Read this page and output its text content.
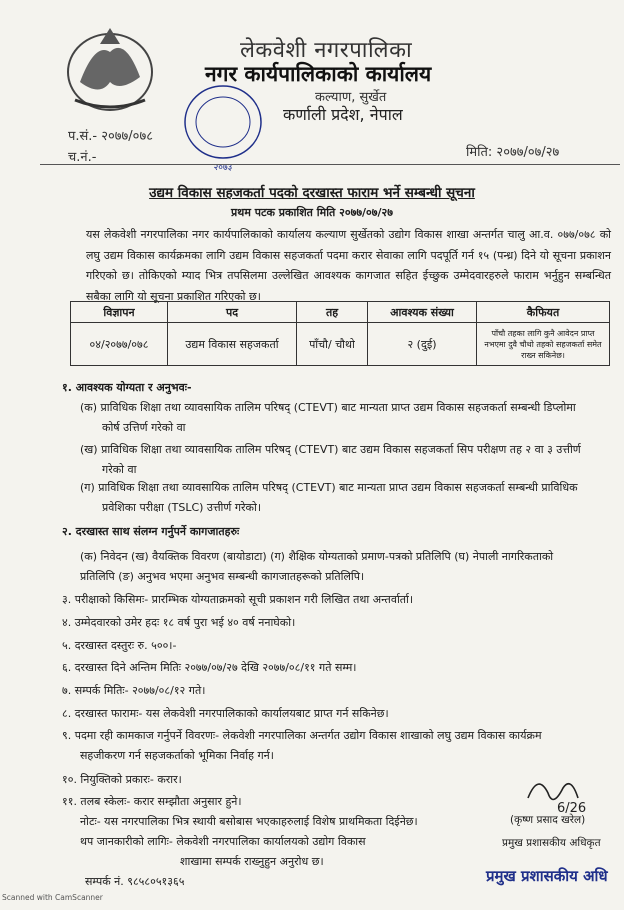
लेकवेशी नगरपालिका
नगर कार्यपालिकाको कार्यालय
कल्याण, सुर्खेत
कर्णाली प्रदेश, नेपाल
२०७३
प.सं.- २०७७/०७८
च.नं.-	मिति: २०७७/०७/२७
उद्यम विकास सहजकर्ता पदको दरखास्त फाराम भर्ने सम्बन्धी सूचना
प्रथम पटक प्रकाशित मिति २०७७/०७/२७
यस लेकवेशी नगरपालिका नगर कार्यपालिकाको कार्यालय कल्याण सुर्खेतको उद्योग विकास शाखा अन्तर्गत चालु आ.व. ०७७/०७८ को लघु उद्यम विकास कार्यक्रमका लागि उद्यम विकास सहजकर्ता पदमा करार सेवाका लागि पदपूर्ति गर्न १५ (पन्ध्र) दिने यो सूचना प्रकाशन गरिएको छ। तोकिएको म्याद भित्र तपसिलमा उल्लेखित आवश्यक कागजात सहित ईच्छुक उम्मेदवारहरुले फाराम भर्नुहुन सम्बन्धित सबैका लागि यो सूचना प्रकाशित गरिएको छ।
विज्ञापन	पद	तह	आवश्यक संख्या	कैफियत
०४/२०७७/०७८	उद्यम विकास सहजकर्ता	पाँचौ/ चौथो	२ (दुई)	पाँचौ तहका लागि कुनै आवेदन प्राप्त नभएमा दुवै चौथो तहको सहजकर्ता समेत राख्न सकिनेछ।
१. आवश्यक योग्यता र अनुभवः-
(क) प्राविधिक शिक्षा तथा व्यावसायिक तालिम परिषद् (CTEVT) बाट मान्यता प्राप्त उद्यम विकास सहजकर्ता सम्बन्धी डिप्लोमा
कोर्ष उत्तिर्ण गरेको वा
(ख) प्राविधिक शिक्षा तथा व्यावसायिक तालिम परिषद् (CTEVT) बाट उद्यम विकास सहजकर्ता सिप परीक्षण तह २ वा ३ उत्तीर्ण
गरेको वा
(ग) प्राविधिक शिक्षा तथा व्यावसायिक तालिम परिषद् (CTEVT) बाट मान्यता प्राप्त उद्यम विकास सहजकर्ता सम्बन्धी प्राविधिक
प्रवेशिका परीक्षा (TSLC) उत्तीर्ण गरेको।
२. दरखास्त साथ संलग्न गर्नुपर्ने कागजातहरुः
(क) निवेदन (ख) वैयक्तिक विवरण (बायोडाटा) (ग) शैक्षिक योग्यताको प्रमाण-पत्रको प्रतिलिपि (घ) नेपाली नागरिकताको
प्रतिलिपि (ङ) अनुभव भएमा अनुभव सम्बन्धी कागजातहरूको प्रतिलिपि।
३. परीक्षाको किसिमः- प्रारम्भिक योग्यताक्रमको सूची प्रकाशन गरी लिखित तथा अन्तर्वार्ता।
४. उम्मेदवारको उमेर हदः १८ वर्ष पुरा भई ४० वर्ष ननाघेको।
५. दरखास्त दस्तुरः रु. ५००।-
६. दरखास्त दिने अन्तिम मितिः २०७७/०७/२७ देखि २०७७/०८/११ गते सम्म।
७. सम्पर्क मितिः- २०७७/०८/१२ गते।
८. दरखास्त फारामः- यस लेकवेशी नगरपालिकाको कार्यालयबाट प्राप्त गर्न सकिनेछ।
९. पदमा रही कामकाज गर्नुपर्ने विवरणः- लेकवेशी नगरपालिका अन्तर्गत उद्योग विकास शाखाको लघु उद्यम विकास कार्यक्रम
सहजीकरण गर्न सहजकर्ताको भूमिका निर्वाह गर्न।
१०. नियुक्तिको प्रकारः- करार।
११. तलब स्केलः- करार सम्झौता अनुसार हुने।
नोटः- यस नगरपालिका भित्र स्थायी बसोबास भएकाहरुलाई विशेष प्राथमिकता दिईनेछ।
थप जानकारीको लागिः- लेकवेशी नगरपालिका कार्यालयको उद्योग विकास
शाखामा सम्पर्क राख्नुहुन अनुरोध छ।
सम्पर्क नं. ९८५८०५१३६५
6/26
(कृष्ण प्रसाद खरेल)
प्रमुख प्रशासकीय अधिकृत
प्रमुख प्रशासकीय अधि
Scanned with CamScanner
